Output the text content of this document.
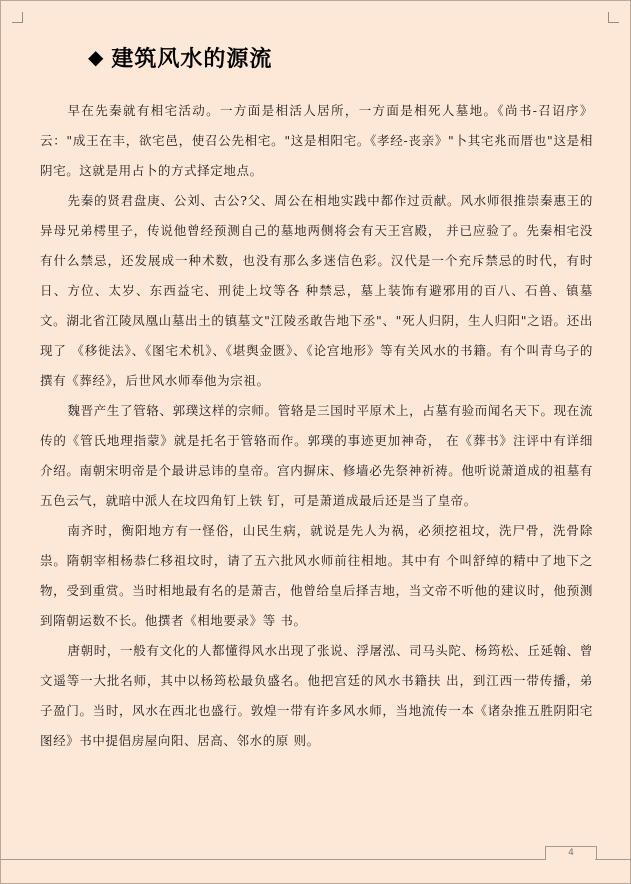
◆ 建筑风水的源流

早在先秦就有相宅活动。一方面是相活人居所，一方面是相死人墓地。《尚书-召诏序》云："成王在丰，欲宅邑，使召公先相宅。"这是相阳宅。《孝经-丧亲》"卜其宅兆而厝也"这是相阴宅。这就是用占卜的方式择定地点。

先秦的贤君盘庚、公刘、古公?父、周公在相地实践中都作过贡献。风水师很推崇秦惠王的异母兄弟樗里子，传说他曾经预测自己的墓地两侧将会有天王宫殿， 并已应验了。先秦相宅没有什么禁忌，还发展成一种术数，也没有那么多迷信色彩。汉代是一个充斥禁忌的时代，有时日、方位、太岁、东西益宅、刑徒上坟等各 种禁忌，墓上装饰有避邪用的百八、石兽、镇墓文。湖北省江陵凤凰山墓出土的镇墓文"江陵丞敢告地下丞"、"死人归阴，生人归阳"之语。还出现了 《移徙法》、《图宅术机》、《堪舆金匮》、《论宫地形》等有关风水的书籍。有个叫青乌子的撰有《葬经》，后世风水师奉他为宗祖。

魏晋产生了管辂、郭璞这样的宗师。管辂是三国时平原术上，占墓有验而闻名天下。现在流传的《管氏地理指蒙》就是托名于管辂而作。郭璞的事迹更加神奇， 在《葬书》注评中有详细介绍。南朝宋明帝是个最讲忌讳的皇帝。宫内摒床、修墙必先祭神祈祷。他听说萧道成的祖墓有五色云气，就暗中派人在坟四角钉上铁 钉，可是萧道成最后还是当了皇帝。

南齐时，衡阳地方有一怪俗，山民生病，就说是先人为祸，必须挖祖坟，洗尸骨，洗骨除祟。隋朝宰相杨恭仁移祖坟时，请了五六批风水师前往相地。其中有 个叫舒绰的精中了地下之物，受到重赏。当时相地最有名的是萧吉，他曾给皇后择吉地，当文帝不听他的建议时，他预测到隋朝运数不长。他撰者《相地要录》等 书。

唐朝时，一般有文化的人都懂得风水出现了张说、浮屠泓、司马头陀、杨筠松、丘延翰、曾文遥等一大批名师，其中以杨筠松最负盛名。他把宫廷的风水书籍扶 出，到江西一带传播，弟子盈门。当时，风水在西北也盛行。敦煌一带有许多风水师，当地流传一本《诸杂推五胜阴阳宅图经》书中提倡房屋向阳、居高、邻水的原 则。

4
